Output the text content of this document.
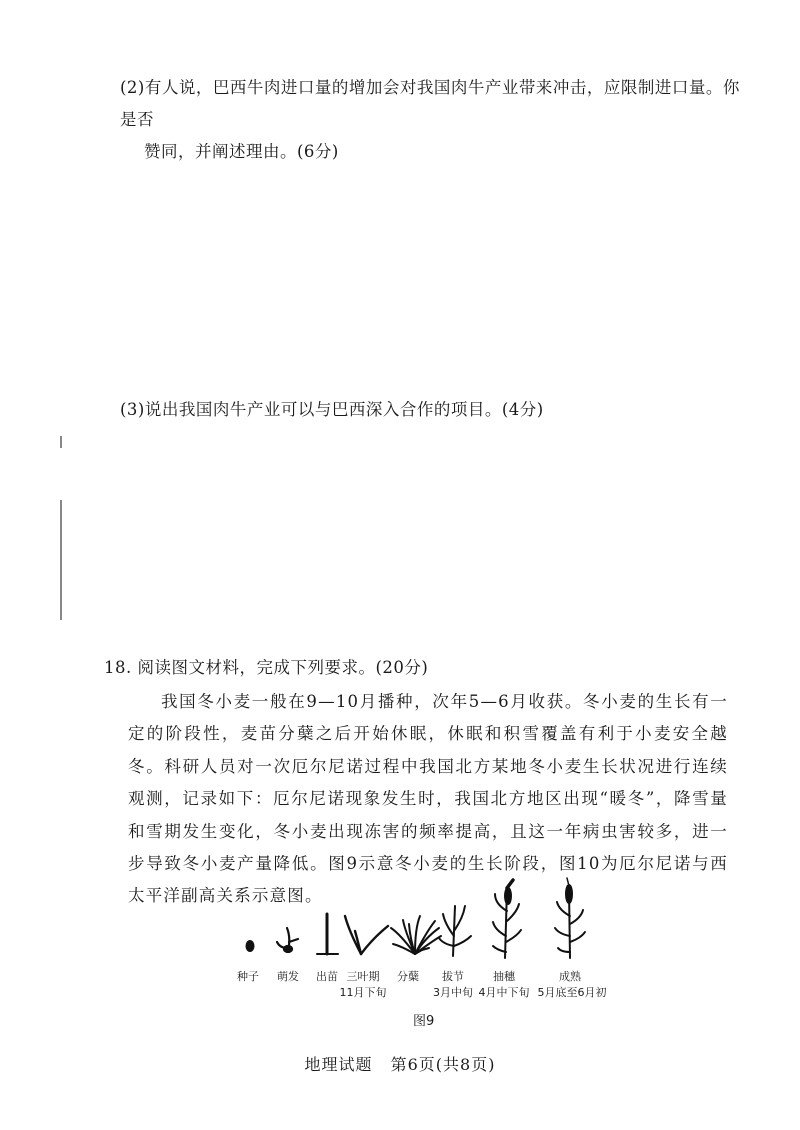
(2)有人说，巴西牛肉进口量的增加会对我国肉牛产业带来冲击，应限制进口量。你是否
赞同，并阐述理由。(6分)
(3)说出我国肉牛产业可以与巴西深入合作的项目。(4分)
18. 阅读图文材料，完成下列要求。(20分)
我国冬小麦一般在9—10月播种，次年5—6月收获。冬小麦的生长有一定的阶段性，麦苗分蘖之后开始休眠，休眠和积雪覆盖有利于小麦安全越冬。科研人员对一次厄尔尼诺过程中我国北方某地冬小麦生长状况进行连续观测，记录如下：厄尔尼诺现象发生时，我国北方地区出现“暖冬”，降雪量和雪期发生变化，冬小麦出现冻害的频率提高，且这一年病虫害较多，进一步导致冬小麦产量降低。图9示意冬小麦的生长阶段，图10为厄尔尼诺与西太平洋副高关系示意图。
种子 萌发 出苗 三叶期 分蘖 拔节	抽穗	成熟
11月下旬	3月中旬 4月中下旬 5月底至6月初
图9
地理试题 第6页(共8页)
